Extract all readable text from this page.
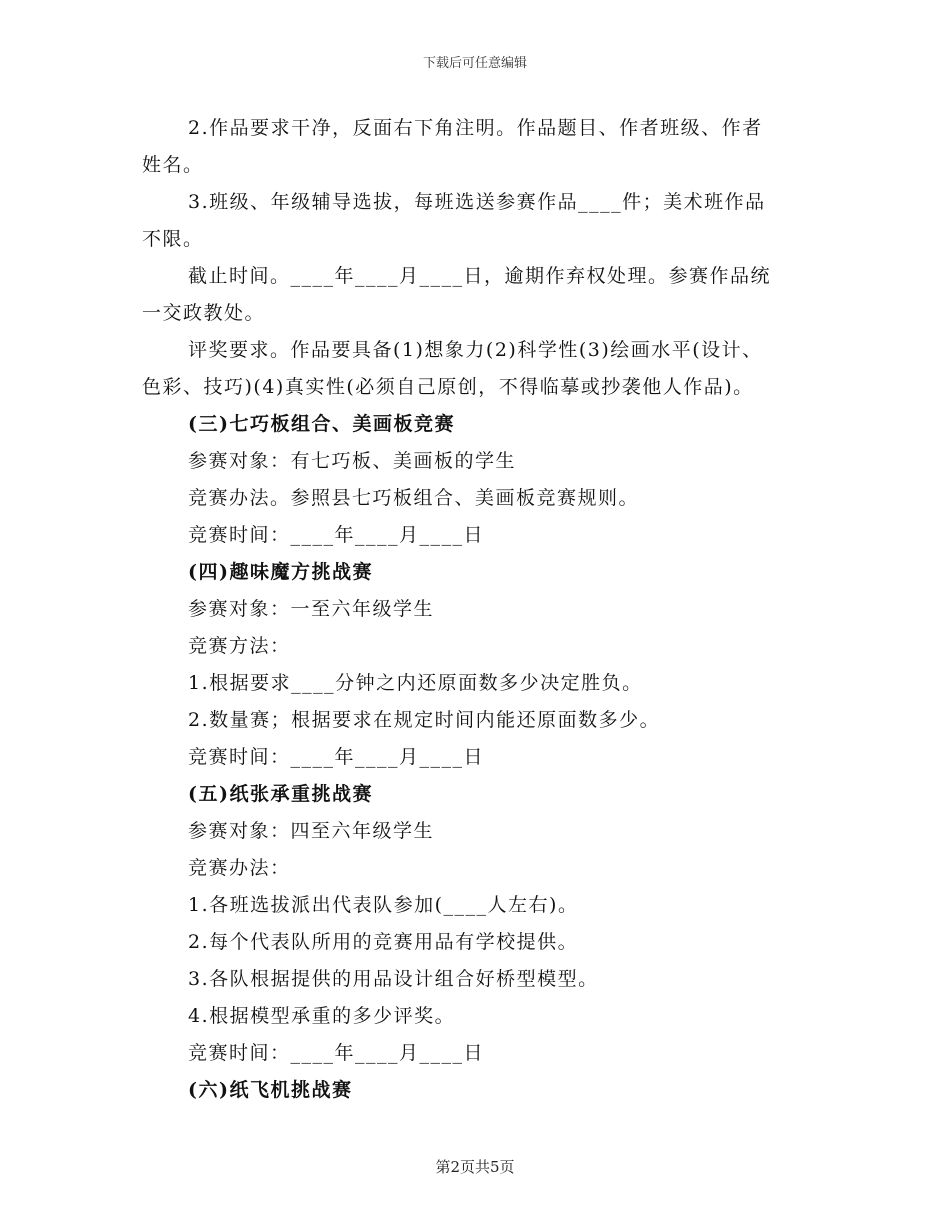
下载后可任意编辑
2.作品要求干净，反面右下角注明。作品题目、作者班级、作者
姓名。
3.班级、年级辅导选拔，每班选送参赛作品____件；美术班作品
不限。
截止时间。____年____月____日，逾期作弃权处理。参赛作品统
一交政教处。
评奖要求。作品要具备(1)想象力(2)科学性(3)绘画水平(设计、
色彩、技巧)(4)真实性(必须自己原创，不得临摹或抄袭他人作品)。
(三)七巧板组合、美画板竞赛
参赛对象：有七巧板、美画板的学生
竞赛办法。参照县七巧板组合、美画板竞赛规则。
竞赛时间：____年____月____日
(四)趣味魔方挑战赛
参赛对象：一至六年级学生
竞赛方法：
1.根据要求____分钟之内还原面数多少决定胜负。
2.数量赛；根据要求在规定时间内能还原面数多少。
竞赛时间：____年____月____日
(五)纸张承重挑战赛
参赛对象：四至六年级学生
竞赛办法：
1.各班选拔派出代表队参加(____人左右)。
2.每个代表队所用的竞赛用品有学校提供。
3.各队根据提供的用品设计组合好桥型模型。
4.根据模型承重的多少评奖。
竞赛时间：____年____月____日
(六)纸飞机挑战赛
第2页共5页
